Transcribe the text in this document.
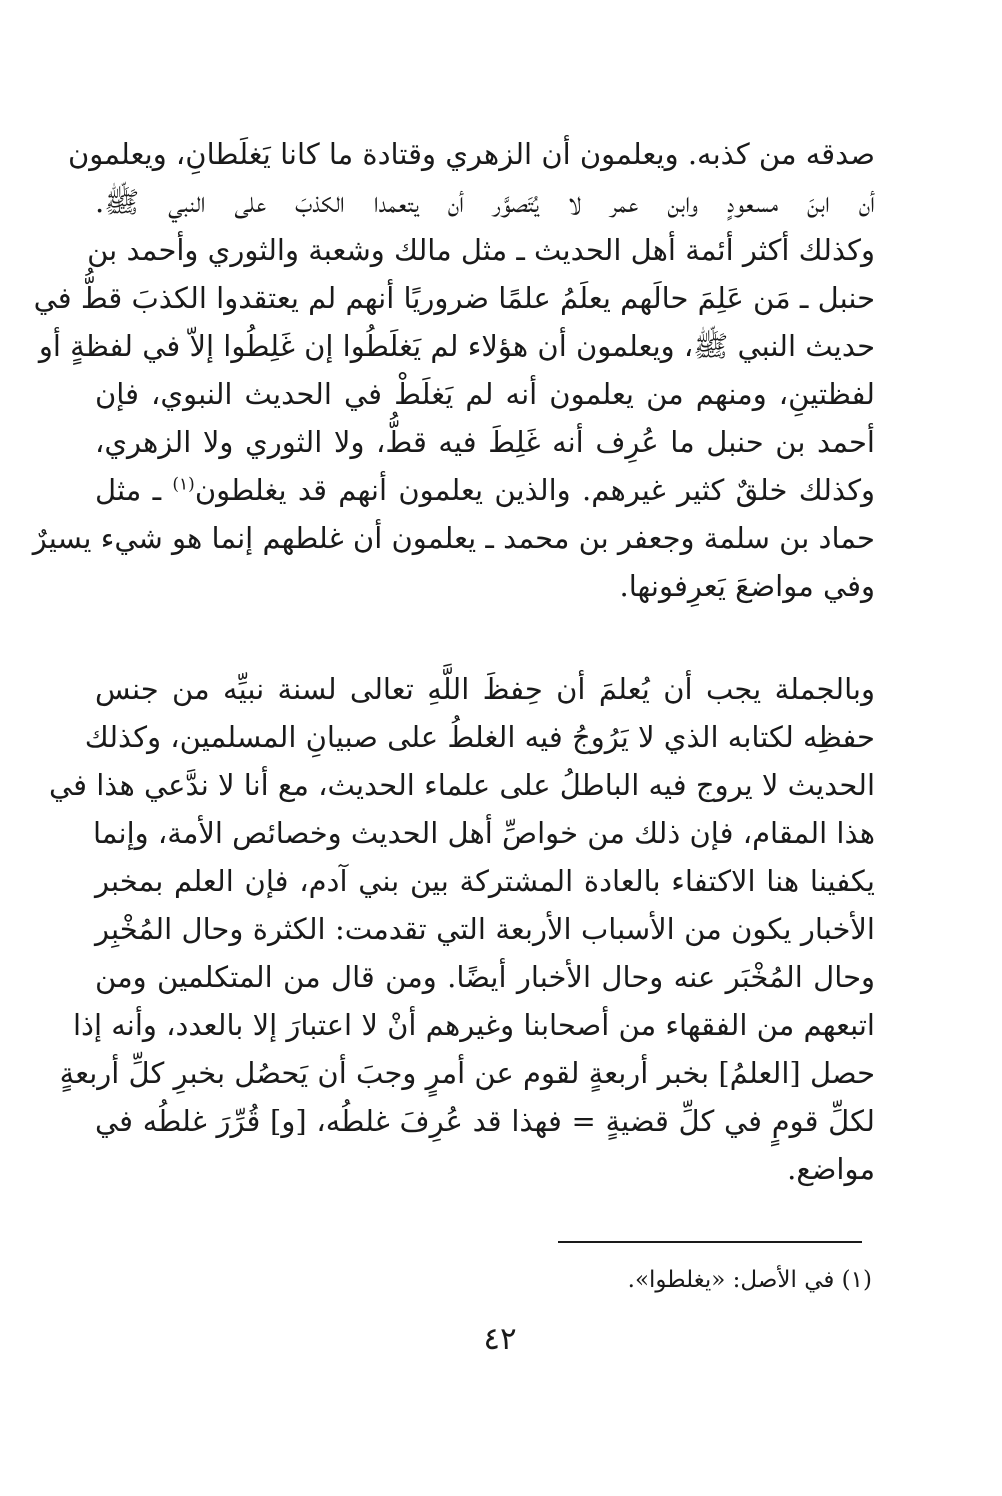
صدقه من كذبه. ويعلمون أن الزهري وقتادة ما كانا يَغلَطانِ، ويعلمون
أن ابنَ مسعودٍ وابن عمر لا يُتَصوَّر أن يتعمدا الكذبَ على النبي ﷺ.
وكذلك أكثر أئمة أهل الحديث ـ مثل مالك وشعبة والثوري وأحمد بن
حنبل ـ مَن عَلِمَ حالَهم يعلَمُ علمًا ضروريًا أنهم لم يعتقدوا الكذبَ قطُّ في
حديث النبي ﷺ، ويعلمون أن هؤلاء لم يَغلَطُوا إن غَلِطُوا إلاّ في لفظةٍ أو
لفظتينِ، ومنهم من يعلمون أنه لم يَغلَطْ في الحديث النبوي، فإن
أحمد بن حنبل ما عُرِف أنه غَلِطَ فيه قطُّ، ولا الثوري ولا الزهري،
وكذلك خلقٌ كثير غيرهم. والذين يعلمون أنهم قد يغلطون$^{(١)}$ ـ مثل
حماد بن سلمة وجعفر بن محمد ـ يعلمون أن غلطهم إنما هو شيء يسيرٌ
وفي مواضعَ يَعرِفونها.
وبالجملة يجب أن يُعلمَ أن حِفظَ اللَّهِ تعالى لسنة نبيِّه من جنس
حفظِه لكتابه الذي لا يَرُوجُ فيه الغلطُ على صبيانِ المسلمين، وكذلك
الحديث لا يروج فيه الباطلُ على علماء الحديث، مع أنا لا ندَّعي هذا في
هذا المقام، فإن ذلك من خواصِّ أهل الحديث وخصائص الأمة، وإنما
يكفينا هنا الاكتفاء بالعادة المشتركة بين بني آدم، فإن العلم بمخبر
الأخبار يكون من الأسباب الأربعة التي تقدمت: الكثرة وحال المُخْبِر
وحال المُخْبَر عنه وحال الأخبار أيضًا. ومن قال من المتكلمين ومن
اتبعهم من الفقهاء من أصحابنا وغيرهم أنْ لا اعتبارَ إلا بالعدد، وأنه إذا
حصل [العلمُ] بخبر أربعةٍ لقوم عن أمرٍ وجبَ أن يَحصُل بخبرِ كلِّ أربعةٍ
لكلِّ قومٍ في كلِّ قضيةٍ = فهذا قد عُرِفَ غلطُه، [و] قُرِّرَ غلطُه في
مواضع.
(١) في الأصل: «يغلطوا».
٤٢
